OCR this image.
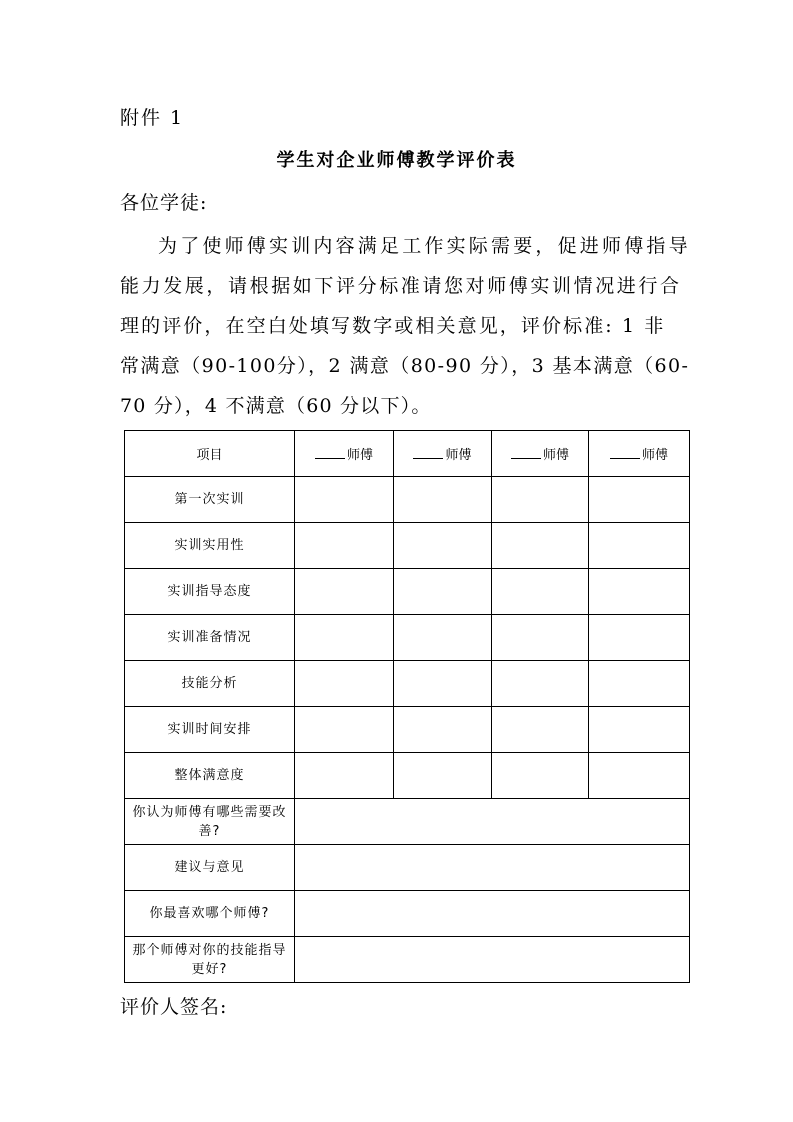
附件 1
学生对企业师傅教学评价表
各位学徒:
为了使师傅实训内容满足工作实际需要，促进师傅指导
能力发展，请根据如下评分标准请您对师傅实训情况进行合
理的评价，在空白处填写数字或相关意见，评价标准: 1 非
常满意（90-100分），2 满意（80-90 分），3 基本满意（60-
70 分），4 不满意（60 分以下）。
项目	师傅	师傅	师傅	师傅
第一次实训				
实训实用性				
实训指导态度				
实训准备情况				
技能分析				
实训时间安排				
整体满意度				
你认为师傅有哪些需要改善?				
建议与意见				
你最喜欢哪个师傅?				
那个师傅对你的技能指导更好?				
评价人签名:
